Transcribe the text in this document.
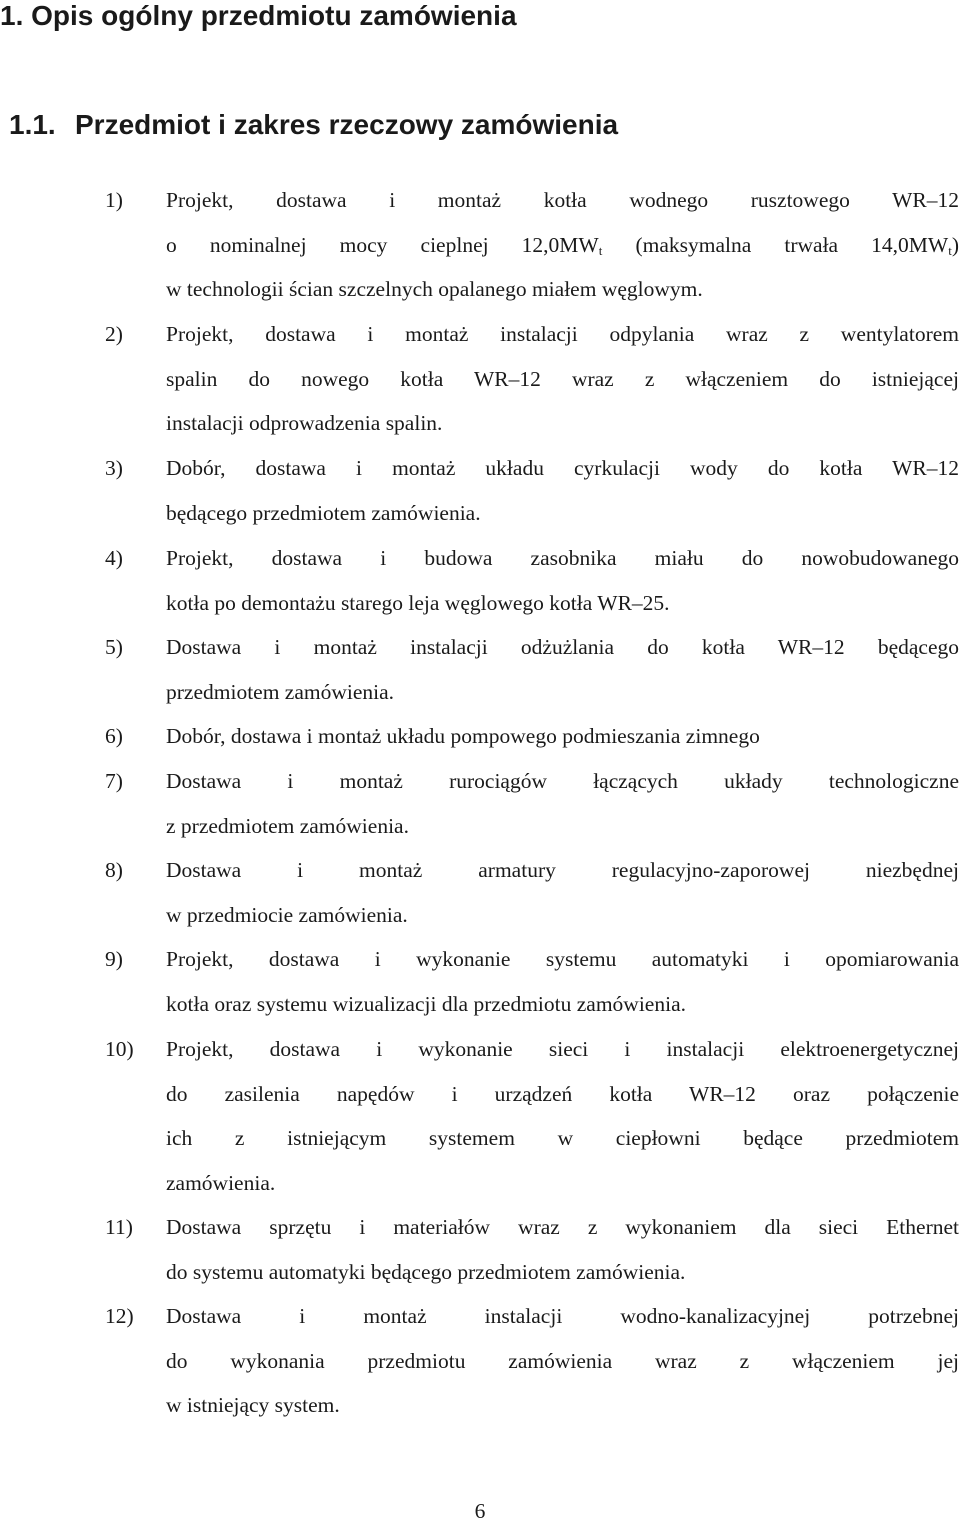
1. Opis ogólny przedmiotu zamówienia
1.1. Przedmiot i zakres rzeczowy zamówienia
1) Projekt, dostawa i montaż kotła wodnego rusztowego WR–12
o nominalnej mocy cieplnej $12,0MW_t$ (maksymalna trwała $14,0MW_t$)
w technologii ścian szczelnych opalanego miałem węglowym.
2) Projekt, dostawa i montaż instalacji odpylania wraz z wentylatorem
spalin do nowego kotła WR–12 wraz z włączeniem do istniejącej
instalacji odprowadzenia spalin.
3) Dobór, dostawa i montaż układu cyrkulacji wody do kotła WR–12
będącego przedmiotem zamówienia.
4) Projekt, dostawa i budowa zasobnika miału do nowobudowanego
kotła po demontażu starego leja węglowego kotła WR–25.
5) Dostawa i montaż instalacji odżużlania do kotła WR–12 będącego
przedmiotem zamówienia.
6) Dobór, dostawa i montaż układu pompowego podmieszania zimnego
7) Dostawa i montaż rurociągów łączących układy technologiczne
z przedmiotem zamówienia.
8) Dostawa i montaż armatury regulacyjno-zaporowej niezbędnej
w przedmiocie zamówienia.
9) Projekt, dostawa i wykonanie systemu automatyki i opomiarowania
kotła oraz systemu wizualizacji dla przedmiotu zamówienia.
10) Projekt, dostawa i wykonanie sieci i instalacji elektroenergetycznej
do zasilenia napędów i urządzeń kotła WR–12 oraz połączenie
ich z istniejącym systemem w ciepłowni będące przedmiotem
zamówienia.
11) Dostawa sprzętu i materiałów wraz z wykonaniem dla sieci Ethernet
do systemu automatyki będącego przedmiotem zamówienia.
12) Dostawa i montaż instalacji wodno-kanalizacyjnej potrzebnej
do wykonania przedmiotu zamówienia wraz z włączeniem jej
w istniejący system.
6
